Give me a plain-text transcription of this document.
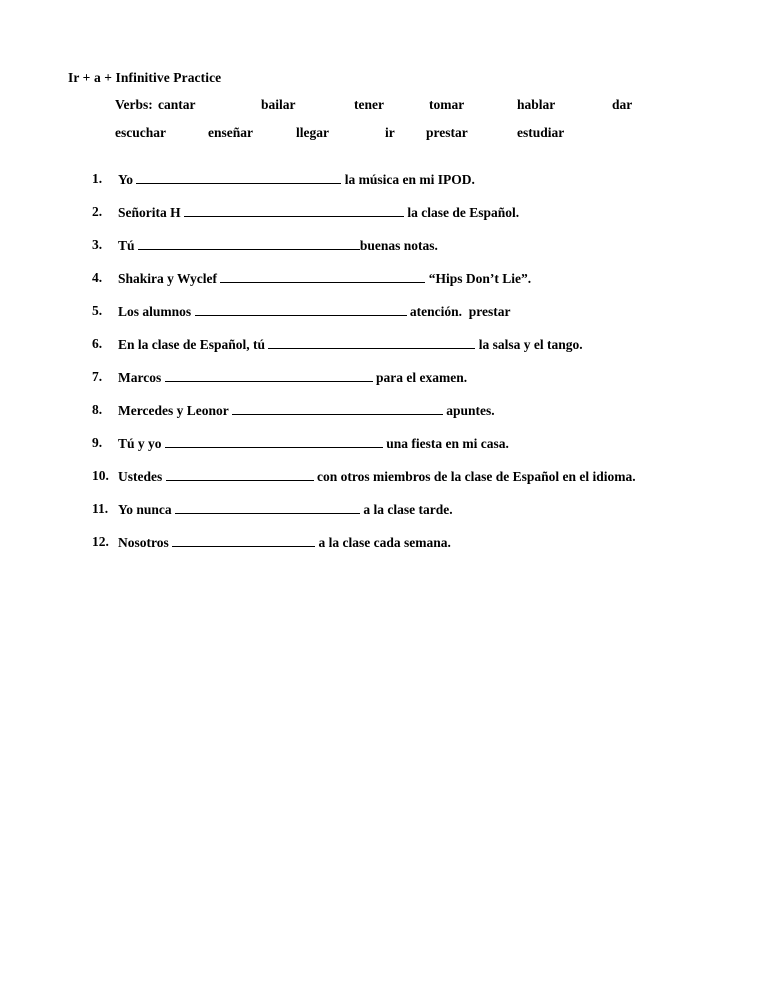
Ir + a + Infinitive Practice
Verbs: cantar	bailar	tener	tomar	hablar	dar
escuchar	enseñar	llegar	ir prestar	estudiar
1.	Yo	la música en mi IPOD.
2.	Señorita H	la clase de Español.
3.	Tú	buenas notas.
4.	Shakira y Wyclef	“Hips Don’t Lie”.
5.	Los alumnos	atención.  prestar
6.	En la clase de Español, tú	la salsa y el tango.
7.	Marcos	para el examen.
8.	Mercedes y Leonor	apuntes.
9.	Tú y yo	una fiesta en mi casa.
10. Ustedes	con otros miembros de la clase de Español en el idioma.
11. Yo nunca	a la clase tarde.
12. Nosotros	a la clase cada semana.
